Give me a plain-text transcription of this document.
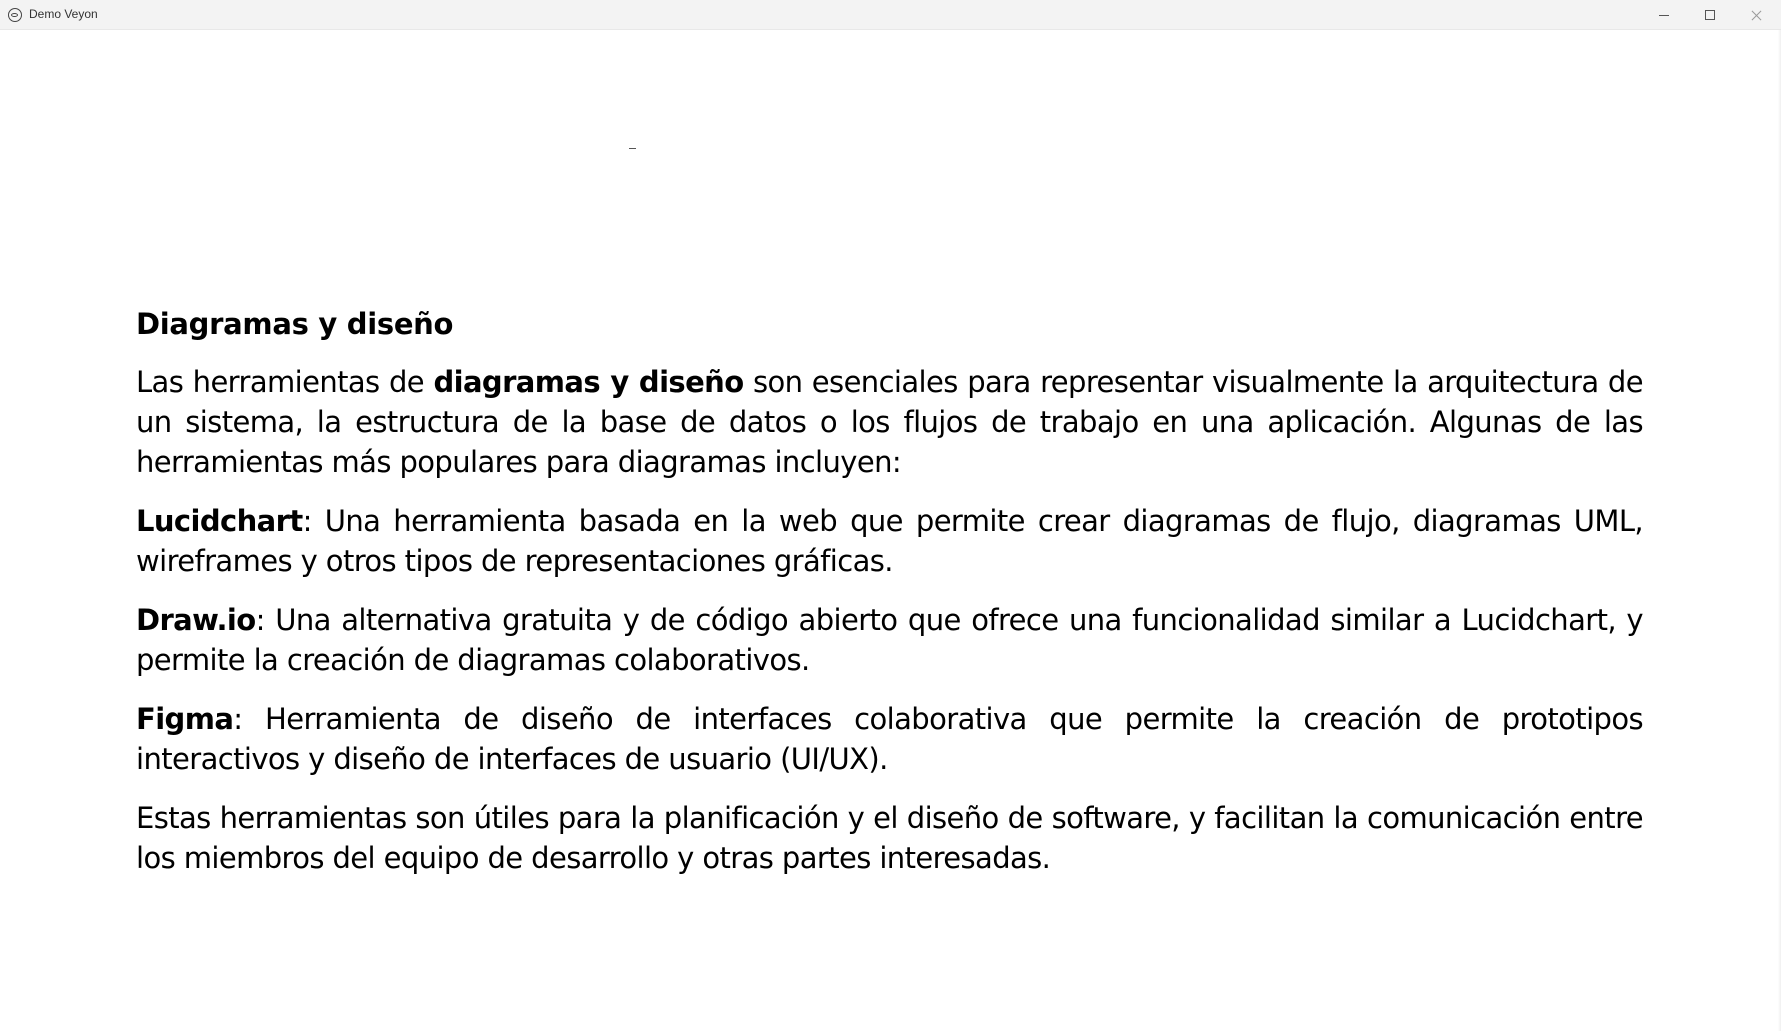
Demo Veyon
Diagramas y diseño

Las herramientas de diagramas y diseño son esenciales para representar visualmente la arquitectura de un sistema, la estructura de la base de datos o los flujos de trabajo en una aplicación. Algunas de las herramientas más populares para diagramas incluyen:

Lucidchart: Una herramienta basada en la web que permite crear diagramas de flujo, diagramas UML, wireframes y otros tipos de representaciones gráficas.

Draw.io: Una alternativa gratuita y de código abierto que ofrece una funcionalidad similar a Lucidchart, y permite la creación de diagramas colaborativos.

Figma: Herramienta de diseño de interfaces colaborativa que permite la creación de prototipos interactivos y diseño de interfaces de usuario (UI/UX).

Estas herramientas son útiles para la planificación y el diseño de software, y facilitan la comunicación entre los miembros del equipo de desarrollo y otras partes interesadas.
